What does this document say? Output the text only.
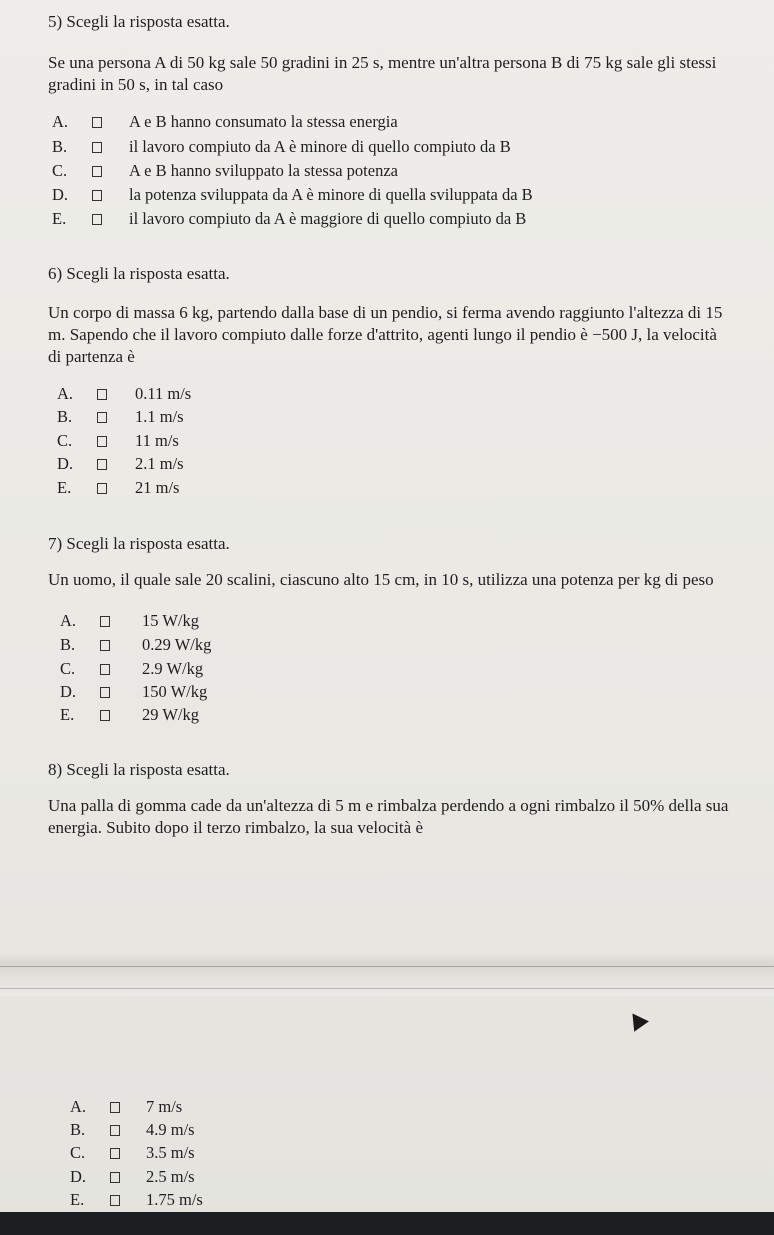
5) Scegli la risposta esatta.

Se una persona A di 50 kg sale 50 gradini in 25 s, mentre un'altra persona B di 75 kg sale gli stessi gradini in 50 s, in tal caso

A.	A e B hanno consumato la stessa energia
B.	il lavoro compiuto da A è minore di quello compiuto da B
C.	A e B hanno sviluppato la stessa potenza
D.	la potenza sviluppata da A è minore di quella sviluppata da B
E.	il lavoro compiuto da A è maggiore di quello compiuto da B
6) Scegli la risposta esatta.

Un corpo di massa 6 kg, partendo dalla base di un pendio, si ferma avendo raggiunto l'altezza di 15 m. Sapendo che il lavoro compiuto dalle forze d'attrito, agenti lungo il pendio è −500 J, la velocità di partenza è

A.	0.11 m/s
B.	1.1 m/s
C.	11 m/s
D.	2.1 m/s
E.	21 m/s
7) Scegli la risposta esatta.

Un uomo, il quale sale 20 scalini, ciascuno alto 15 cm, in 10 s, utilizza una potenza per kg di peso

A.	15 W/kg
B.	0.29 W/kg
C.	2.9 W/kg
D.	150 W/kg
E.	29 W/kg
8) Scegli la risposta esatta.

Una palla di gomma cade da un'altezza di 5 m e rimbalza perdendo a ogni rimbalzo il 50% della sua energia. Subito dopo il terzo rimbalzo, la sua velocità è

A.	7 m/s
B.	4.9 m/s
C.	3.5 m/s
D.	2.5 m/s
E.	1.75 m/s
